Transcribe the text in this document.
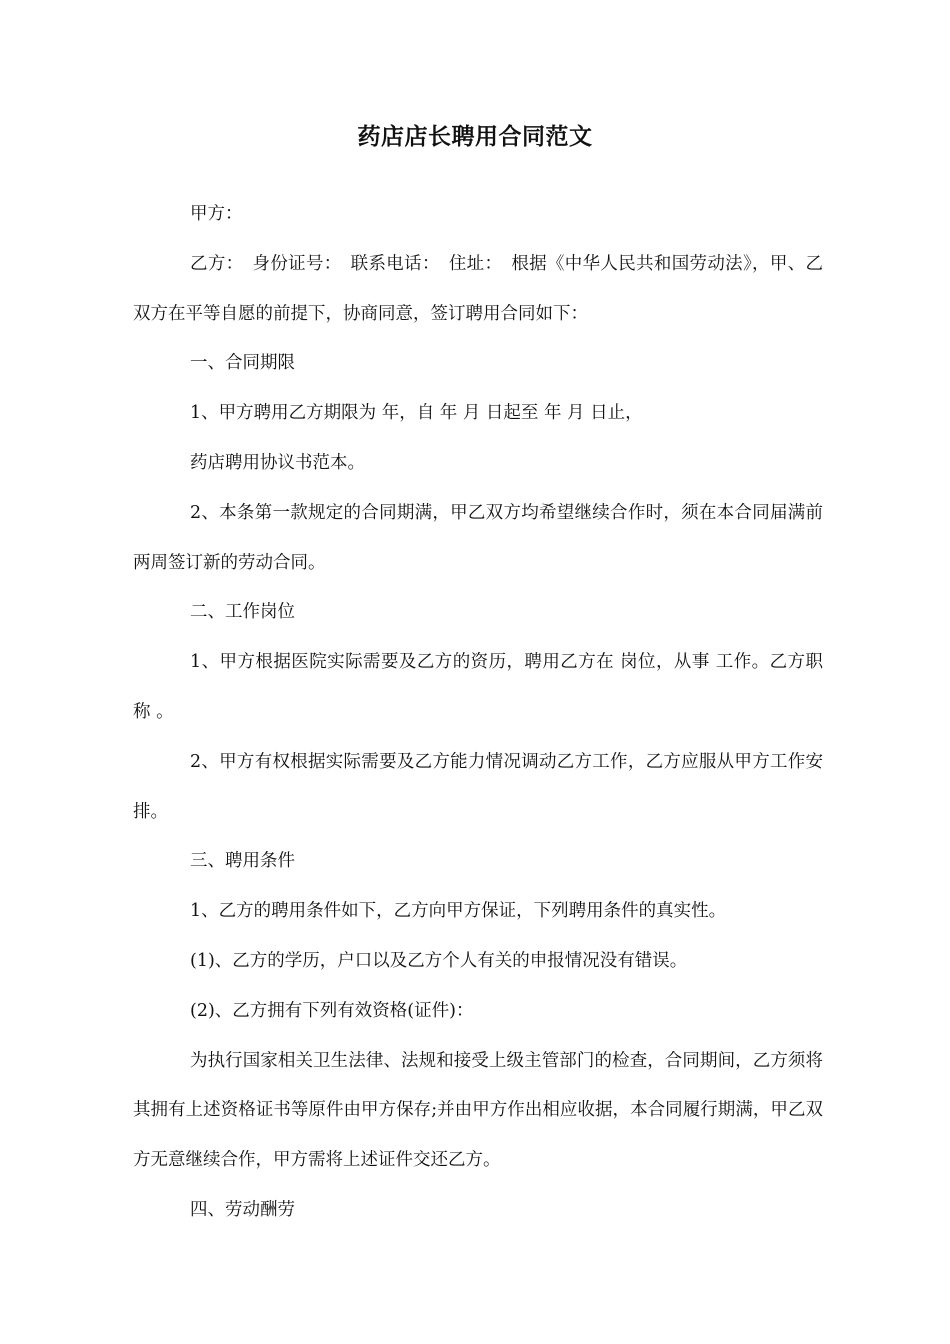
药店店长聘用合同范文

甲方：

乙方：　身份证号：　联系电话：　住址：　根据《中华人民共和国劳动法》，甲、乙双方在平等自愿的前提下，协商同意，签订聘用合同如下：

一、合同期限

1、甲方聘用乙方期限为 年，自 年 月 日起至 年 月 日止，

药店聘用协议书范本。

2、本条第一款规定的合同期满，甲乙双方均希望继续合作时，须在本合同届满前两周签订新的劳动合同。

二、工作岗位

1、甲方根据医院实际需要及乙方的资历，聘用乙方在 岗位，从事 工作。乙方职称 。

2、甲方有权根据实际需要及乙方能力情况调动乙方工作，乙方应服从甲方工作安排。

三、聘用条件

1、乙方的聘用条件如下，乙方向甲方保证，下列聘用条件的真实性。

(1)、乙方的学历，户口以及乙方个人有关的申报情况没有错误。

(2)、乙方拥有下列有效资格(证件)：

为执行国家相关卫生法律、法规和接受上级主管部门的检查，合同期间，乙方须将其拥有上述资格证书等原件由甲方保存;并由甲方作出相应收据，本合同履行期满，甲乙双方无意继续合作，甲方需将上述证件交还乙方。

四、劳动酬劳
